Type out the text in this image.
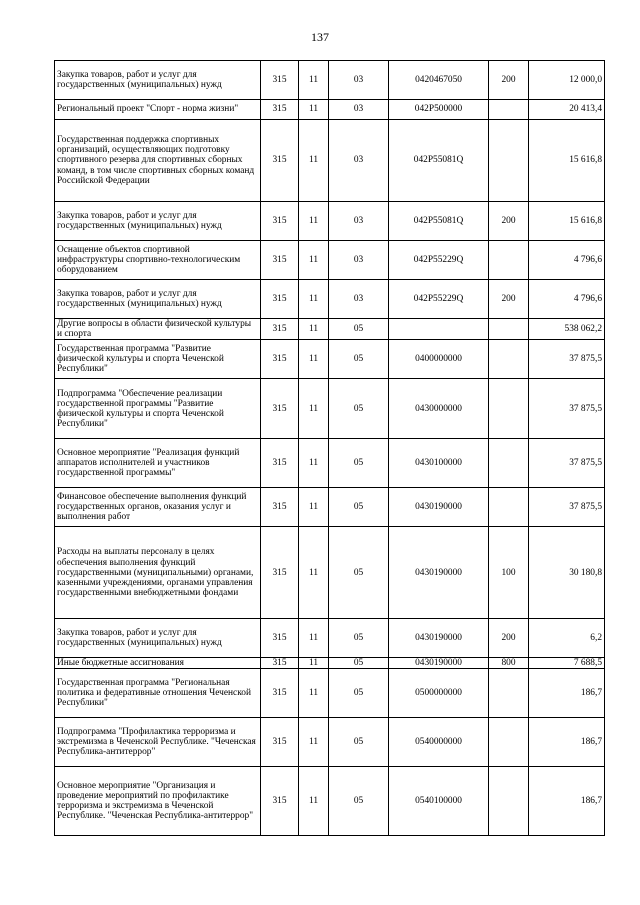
137
Закупка товаров, работ и услуг для государственных (муниципальных) нужд	315	11	03	0420467050	200	12 000,0
Региональный проект "Спорт - норма жизни"	315	11	03	042P500000		20 413,4
Государственная поддержка спортивных организаций, осуществляющих подготовку спортивного резерва для спортивных сборных команд, в том числе спортивных сборных команд Российской Федерации	315	11	03	042P55081Q		15 616,8
Закупка товаров, работ и услуг для государственных (муниципальных) нужд	315	11	03	042P55081Q	200	15 616,8
Оснащение объектов спортивной инфраструктуры спортивно-технологическим оборудованием	315	11	03	042P55229Q		4 796,6
Закупка товаров, работ и услуг для государственных (муниципальных) нужд	315	11	03	042P55229Q	200	4 796,6
Другие вопросы в области физической культуры и спорта	315	11	05			538 062,2
Государственная программа "Развитие физической культуры и спорта Чеченской Республики"	315	11	05	0400000000		37 875,5
Подпрограмма "Обеспечение реализации государственной программы "Развитие физической культуры и спорта Чеченской Республики"	315	11	05	0430000000		37 875,5
Основное мероприятие "Реализация функций аппаратов исполнителей и участников государственной программы"	315	11	05	0430100000		37 875,5
Финансовое обеспечение выполнения функций государственных органов, оказания услуг и выполнения работ	315	11	05	0430190000		37 875,5
Расходы на выплаты персоналу в целях обеспечения выполнения функций государственными (муниципальными) органами, казенными учреждениями, органами управления государственными внебюджетными фондами	315	11	05	0430190000	100	30 180,8
Закупка товаров, работ и услуг для государственных (муниципальных) нужд	315	11	05	0430190000	200	6,2
Иные бюджетные ассигнования	315	11	05	0430190000	800	7 688,5
Государственная программа "Региональная политика и федеративные отношения Чеченской Республики"	315	11	05	0500000000		186,7
Подпрограмма "Профилактика терроризма и экстремизма в Чеченской Республике. "Чеченская Республика-антитеррор"	315	11	05	0540000000		186,7
Основное мероприятие "Организация и проведение мероприятий по профилактике терроризма и экстремизма в Чеченской Республике. "Чеченская Республика-антитеррор"	315	11	05	0540100000		186,7
